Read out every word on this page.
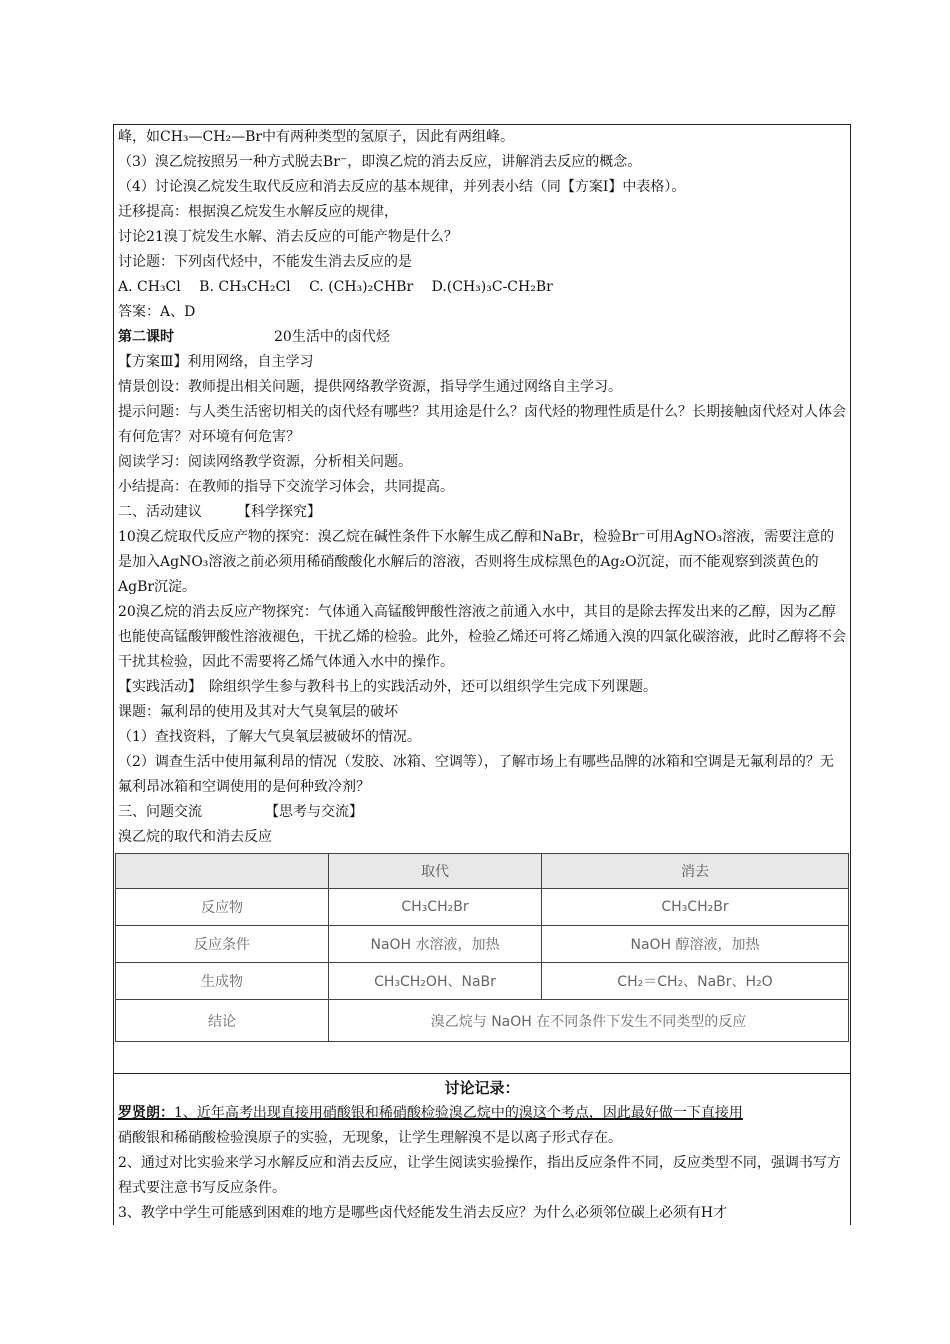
峰，如CH₃—CH₂—Br中有两种类型的氢原子，因此有两组峰。
（3）溴乙烷按照另一种方式脱去Br⁻，即溴乙烷的消去反应，讲解消去反应的概念。
（4）讨论溴乙烷发生取代反应和消去反应的基本规律，并列表小结（同【方案Ⅰ】中表格）。
迁移提高：根据溴乙烷发生水解反应的规律，
讨论21溴丁烷发生水解、消去反应的可能产物是什么？
讨论题：下列卤代烃中，不能发生消去反应的是
A. CH₃Cl　 B. CH₃CH₂Cl　 C. (CH₃)₂CHBr　 D.(CH₃)₃C-CH₂Br
答案：A、D
第二课时	20生活中的卤代烃
【方案Ⅲ】利用网络，自主学习
情景创设：教师提出相关问题，提供网络教学资源，指导学生通过网络自主学习。
提示问题：与人类生活密切相关的卤代烃有哪些？其用途是什么？卤代烃的物理性质是什么？长期接触卤代烃对人体会有何危害？对环境有何危害？
阅读学习：阅读网络教学资源，分析相关问题。
小结提高：在教师的指导下交流学习体会，共同提高。
二、活动建议　　　【科学探究】
10溴乙烷取代反应产物的探究：溴乙烷在碱性条件下水解生成乙醇和NaBr，检验Br⁻可用AgNO₃溶液，需要注意的是加入AgNO₃溶液之前必须用稀硝酸酸化水解后的溶液，否则将生成棕黑色的Ag₂O沉淀，而不能观察到淡黄色的AgBr沉淀。
20溴乙烷的消去反应产物探究：气体通入高锰酸钾酸性溶液之前通入水中，其目的是除去挥发出来的乙醇，因为乙醇也能使高锰酸钾酸性溶液褪色，干扰乙烯的检验。此外，检验乙烯还可将乙烯通入溴的四氯化碳溶液，此时乙醇将不会干扰其检验，因此不需要将乙烯气体通入水中的操作。
【实践活动】　除组织学生参与教科书上的实践活动外，还可以组织学生完成下列课题。
课题：氟利昂的使用及其对大气臭氧层的破坏
（1）查找资料，了解大气臭氧层被破坏的情况。
（2）调查生活中使用氟利昂的情况（发胶、冰箱、空调等），了解市场上有哪些品牌的冰箱和空调是无氟利昂的？无氟利昂冰箱和空调使用的是何种致冷剂？
三、问题交流　　　　　【思考与交流】
溴乙烷的取代和消去反应
	取代	消去
反应物	CH₃CH₂Br	CH₃CH₂Br
反应条件	NaOH 水溶液，加热	NaOH 醇溶液，加热
生成物	CH₃CH₂OH、NaBr	CH₂＝CH₂、NaBr、H₂O
结论	溴乙烷与 NaOH 在不同条件下发生不同类型的反应	
讨论记录：
罗贤朗：1、近年高考出现直接用硝酸银和稀硝酸检验溴乙烷中的溴这个考点，因此最好做一下直接用
硝酸银和稀硝酸检验溴原子的实验，无现象，让学生理解溴不是以离子形式存在。
2、通过对比实验来学习水解反应和消去反应，让学生阅读实验操作，指出反应条件不同，反应类型不同，强调书写方程式要注意书写反应条件。
3、教学中学生可能感到困难的地方是哪些卤代烃能发生消去反应？为什么必须邻位碳上必须有H才
